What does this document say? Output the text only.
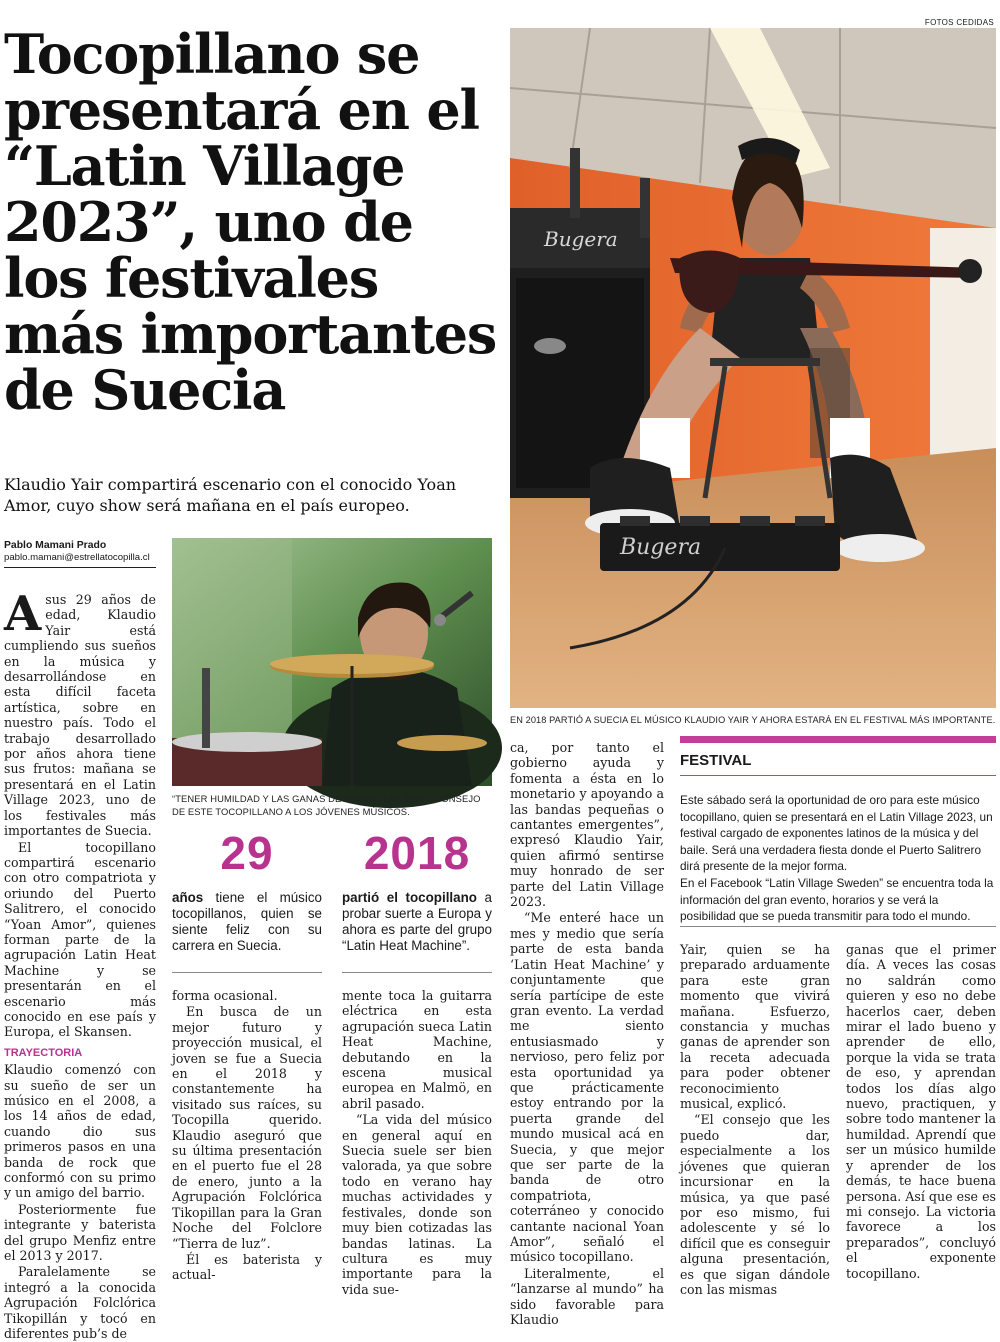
FOTOS CEDIDAS
Tocopillano se presentará en el “Latin Village 2023”, uno de los festivales más importantes de Suecia
Klaudio Yair compartirá escenario con el conocido Yoan Amor, cuyo show será mañana en el país europeo.
Pablo Mamani Prado
pablo.mamani@estrellatocopilla.cl

Asus 29 años de edad, Klaudio Yair está cumpliendo sus sueños en la música y desarrollándose en esta difícil faceta artística, sobre en nuestro país. Todo el trabajo desarrollado por años ahora tiene sus frutos: mañana se presentará en el Latin Village 2023, uno de los festivales más importantes de Suecia.

El tocopillano compartirá escenario con otro compatriota y oriundo del Puerto Salitrero, el conocido “Yoan Amor”, quienes forman parte de la agrupación Latin Heat Machine y se presentarán en el escenario más conocido en ese país y Europa, el Skansen.

TRAYECTORIA

Klaudio comenzó con su sueño de ser un músico en el 2008, a los 14 años de edad, cuando dio sus primeros pasos en una banda de rock que conformó con su primo y un amigo del barrio.

Posteriormente fue integrante y baterista del grupo Menfiz entre el 2013 y 2017.

Paralelamente se integró a la conocida Agrupación Folclórica Tikopillán y tocó en diferentes pub’s de

“TENER HUMILDAD Y LAS GANAS DE APRENDER”, ES EL CONSEJO DE ESTE TOCOPILLANO A LOS JÓVENES MÚSICOS.
29
años tiene el músico tocopillanos, quien se siente feliz con su carrera en Suecia.
2018
partió el tocopillano a probar suerte a Europa y ahora es parte del grupo “Latin Heat Machine”.

forma ocasional.

En busca de un mejor futuro y proyección musical, el joven se fue a Suecia en el 2018 y constantemente ha visitado sus raíces, su Tocopilla querido. Klaudio aseguró que su última presentación en el puerto fue el 28 de enero, junto a la Agrupación Folclórica Tikopillan para la Gran Noche del Folclore “Tierra de luz”.

Él es baterista y actual-

mente toca la guitarra eléctrica en esta agrupación sueca Latin Heat Machine, debutando en la escena musical europea en Malmö, en abril pasado.

“La vida del músico en general aquí en Suecia suele ser bien valorada, ya que sobre todo en verano hay muchas actividades y festivales, donde son muy bien cotizadas las bandas latinas. La cultura es muy importante para la vida sue-

Bugera
Bugera
EN 2018 PARTIÓ A SUECIA EL MÚSICO KLAUDIO YAIR Y AHORA ESTARÁ EN EL FESTIVAL MÁS IMPORTANTE.

ca, por tanto el gobierno ayuda y fomenta a ésta en lo monetario y apoyando a las bandas pequeñas o cantantes emergentes”, expresó Klaudio Yair, quien afirmó sentirse muy honrado de ser parte del Latin Village 2023.

“Me enteré hace un mes y medio que sería parte de esta banda ‘Latin Heat Machine’ y conjuntamente que sería partícipe de este gran evento. La verdad me siento entusiasmado y nervioso, pero feliz por esta oportunidad ya que prácticamente estoy entrando por la puerta grande del mundo musical acá en Suecia, y que mejor que ser parte de la banda de otro compatriota, coterráneo y conocido cantante nacional Yoan Amor”, señaló el músico tocopillano.

Literalmente, el “lanzarse al mundo” ha sido favorable para Klaudio

FESTIVAL
Este sábado será la oportunidad de oro para este músico tocopillano, quien se presentará en el Latin Village 2023, un festival cargado de exponentes latinos de la música y del baile. Será una verdadera fiesta donde el Puerto Salitrero dirá presente de la mejor forma.
En el Facebook “Latin Village Sweden” se encuentra toda la información del gran evento, horarios y se verá la posibilidad que se pueda transmitir para todo el mundo.

Yair, quien se ha preparado arduamente para este gran momento que vivirá mañana. Esfuerzo, constancia y muchas ganas de aprender son la receta adecuada para poder obtener reconocimiento musical, explicó.

“El consejo que les puedo dar, especialmente a los jóvenes que quieran incursionar en la música, ya que pasé por eso mismo, fui adolescente y sé lo difícil que es conseguir alguna presentación, es que sigan dándole con las mismas

ganas que el primer día. A veces las cosas no saldrán como quieren y eso no debe hacerlos caer, deben mirar el lado bueno y aprender de ello, porque la vida se trata de eso, y aprendan todos los días algo nuevo, practiquen, y sobre todo mantener la humildad. Aprendí que ser un músico humilde y aprender de los demás, te hace buena persona. Así que ese es mi consejo. La victoria favorece a los preparados”, concluyó el exponente tocopillano.
